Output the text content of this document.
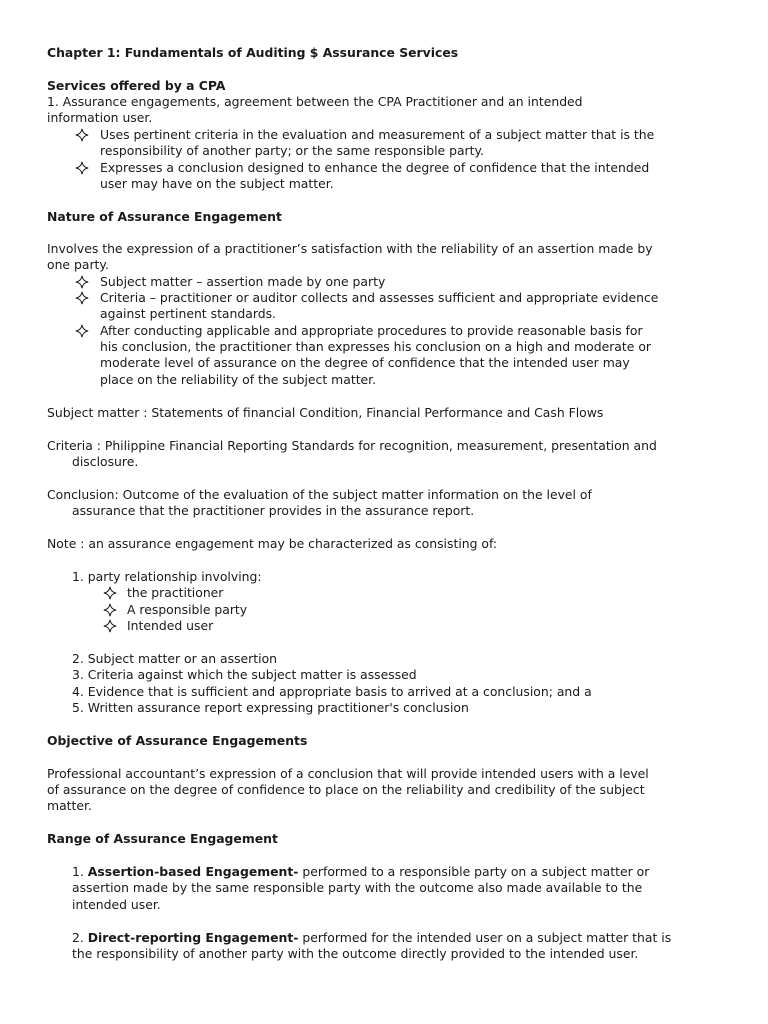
Chapter 1: Fundamentals of Auditing $ Assurance Services
Services offered by a CPA
1. Assurance engagements, agreement between the CPA Practitioner and an intended
information user.
Uses pertinent criteria in the evaluation and measurement of a subject matter that is the
responsibility of another party; or the same responsible party.
Expresses a conclusion designed to enhance the degree of confidence that the intended
user may have on the subject matter.
Nature of Assurance Engagement
Involves the expression of a practitioner’s satisfaction with the reliability of an assertion made by
one party.
Subject matter – assertion made by one party
Criteria – practitioner or auditor collects and assesses sufficient and appropriate evidence
against pertinent standards.
After conducting applicable and appropriate procedures to provide reasonable basis for
his conclusion, the practitioner than expresses his conclusion on a high and moderate or
moderate level of assurance on the degree of confidence that the intended user may
place on the reliability of the subject matter.
Subject matter : Statements of financial Condition, Financial Performance and Cash Flows
Criteria : Philippine Financial Reporting Standards for recognition, measurement, presentation and
disclosure.
Conclusion: Outcome of the evaluation of the subject matter information on the level of
assurance that the practitioner provides in the assurance report.
Note : an assurance engagement may be characterized as consisting of:
1. party relationship involving:
the practitioner
A responsible party
Intended user
2. Subject matter or an assertion
3. Criteria against which the subject matter is assessed
4. Evidence that is sufficient and appropriate basis to arrived at a conclusion; and a
5. Written assurance report expressing practitioner's conclusion
Objective of Assurance Engagements
Professional accountant’s expression of a conclusion that will provide intended users with a level
of assurance on the degree of confidence to place on the reliability and credibility of the subject
matter.
Range of Assurance Engagement
1. Assertion-based Engagement- performed to a responsible party on a subject matter or
assertion made by the same responsible party with the outcome also made available to the
intended user.
2. Direct-reporting Engagement- performed for the intended user on a subject matter that is
the responsibility of another party with the outcome directly provided to the intended user.
